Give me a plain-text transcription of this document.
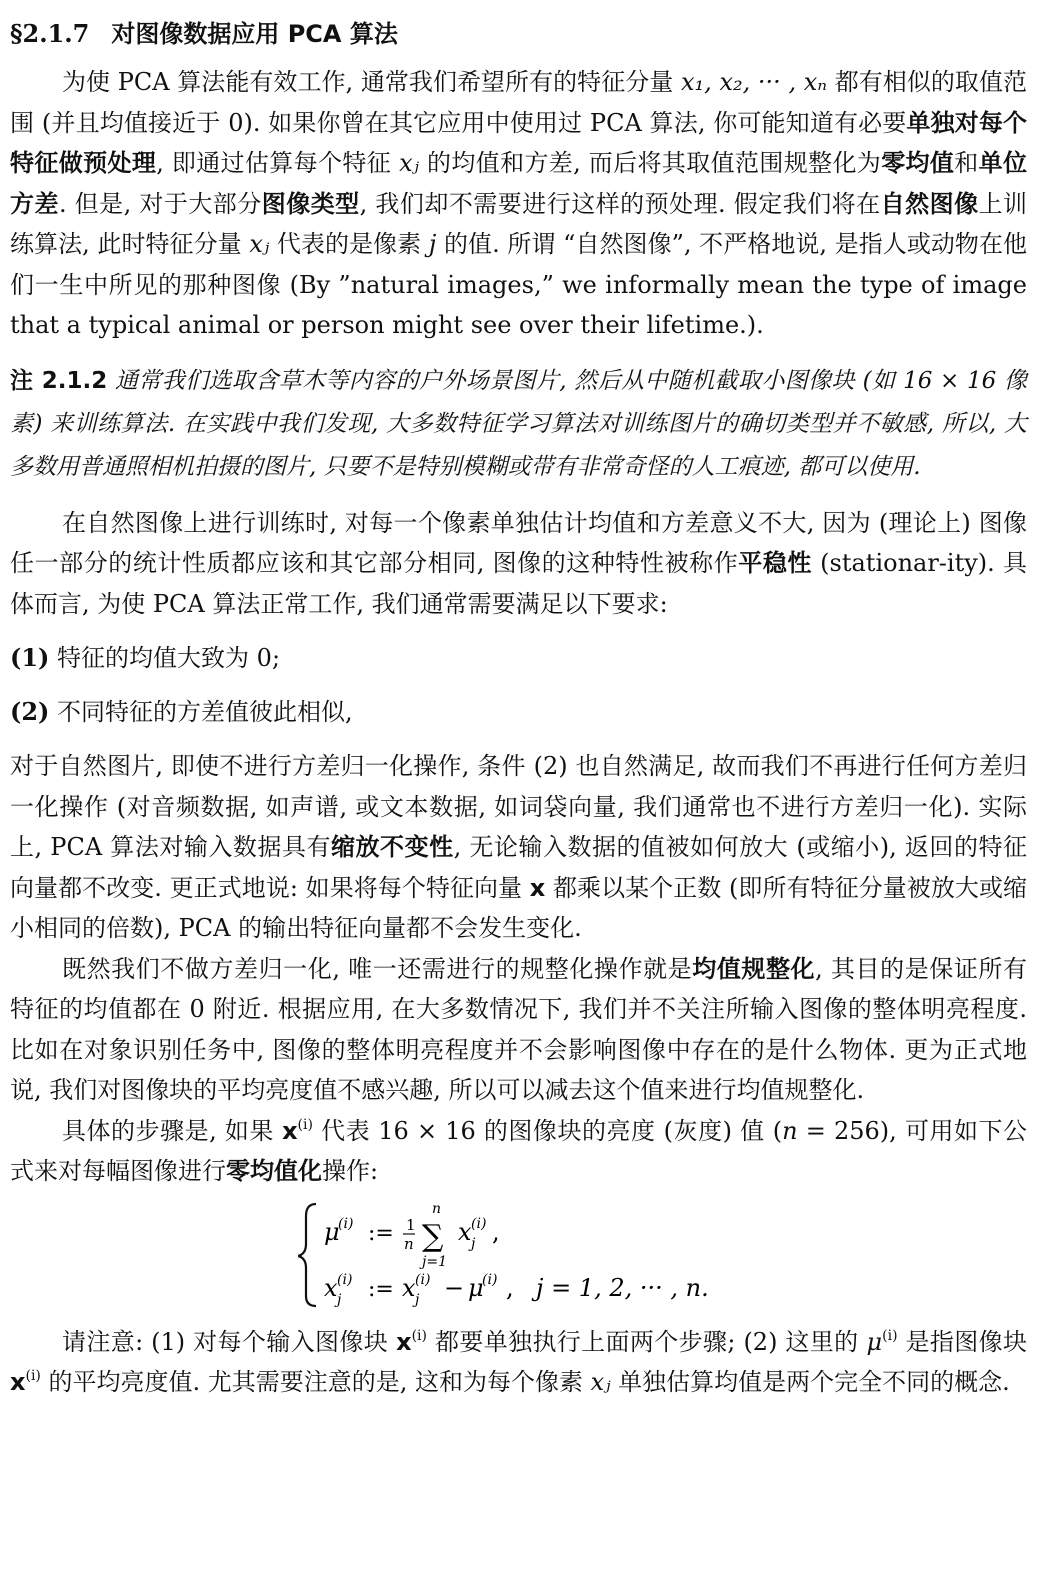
§2.1.7 对图像数据应用 PCA 算法

为使 PCA 算法能有效工作, 通常我们希望所有的特征分量 x₁, x₂, ··· , xₙ 都有相似的取值范围 (并且均值接近于 0). 如果你曾在其它应用中使用过 PCA 算法, 你可能知道有必要单独对每个特征做预处理, 即通过估算每个特征 xⱼ 的均值和方差, 而后将其取值范围规整化为零均值和单位方差. 但是, 对于大部分图像类型, 我们却不需要进行这样的预处理. 假定我们将在自然图像上训练算法, 此时特征分量 xⱼ 代表的是像素 j 的值. 所谓 “自然图像”, 不严格地说, 是指人或动物在他们一生中所见的那种图像 (By ”natural images,” we informally mean the type of image that a typical animal or person might see over their lifetime.).

注 2.1.2 通常我们选取含草木等内容的户外场景图片, 然后从中随机截取小图像块 (如 16 × 16 像素) 来训练算法. 在实践中我们发现, 大多数特征学习算法对训练图片的确切类型并不敏感, 所以, 大多数用普通照相机拍摄的图片, 只要不是特别模糊或带有非常奇怪的人工痕迹, 都可以使用.

在自然图像上进行训练时, 对每一个像素单独估计均值和方差意义不大, 因为 (理论上) 图像任一部分的统计性质都应该和其它部分相同, 图像的这种特性被称作平稳性 (stationar-ity). 具体而言, 为使 PCA 算法正常工作, 我们通常需要满足以下要求:

(1) 特征的均值大致为 0;

(2) 不同特征的方差值彼此相似,

对于自然图片, 即使不进行方差归一化操作, 条件 (2) 也自然满足, 故而我们不再进行任何方差归一化操作 (对音频数据, 如声谱, 或文本数据, 如词袋向量, 我们通常也不进行方差归一化). 实际上, PCA 算法对输入数据具有缩放不变性, 无论输入数据的值被如何放大 (或缩小), 返回的特征向量都不改变. 更正式地说: 如果将每个特征向量 x 都乘以某个正数 (即所有特征分量被放大或缩小相同的倍数), PCA 的输出特征向量都不会发生变化.

既然我们不做方差归一化, 唯一还需进行的规整化操作就是均值规整化, 其目的是保证所有特征的均值都在 0 附近. 根据应用, 在大多数情况下, 我们并不关注所输入图像的整体明亮程度. 比如在对象识别任务中, 图像的整体明亮程度并不会影响图像中存在的是什么物体. 更为正式地说, 我们对图像块的平均亮度值不感兴趣, 所以可以减去这个值来进行均值规整化.

具体的步骤是, 如果 $x^{(i)}$ 代表 16 × 16 的图像块的亮度 (灰度) 值 (n = 256), 可用如下公式来对每幅图像进行零均值化操作:

μ
(i) := 1
n
n
∑
j=1
x (i)
j ,
x (i)
j := x (i)
j − μ
(i) , j = 1, 2, ··· , n.

请注意: (1) 对每个输入图像块 $x^{(i)}$ 都要单独执行上面两个步骤; (2) 这里的 $\mu^{(i)}$ 是指图像块 $x^{(i)}$ 的平均亮度值. 尤其需要注意的是, 这和为每个像素 xⱼ 单独估算均值是两个完全不同的概念.
